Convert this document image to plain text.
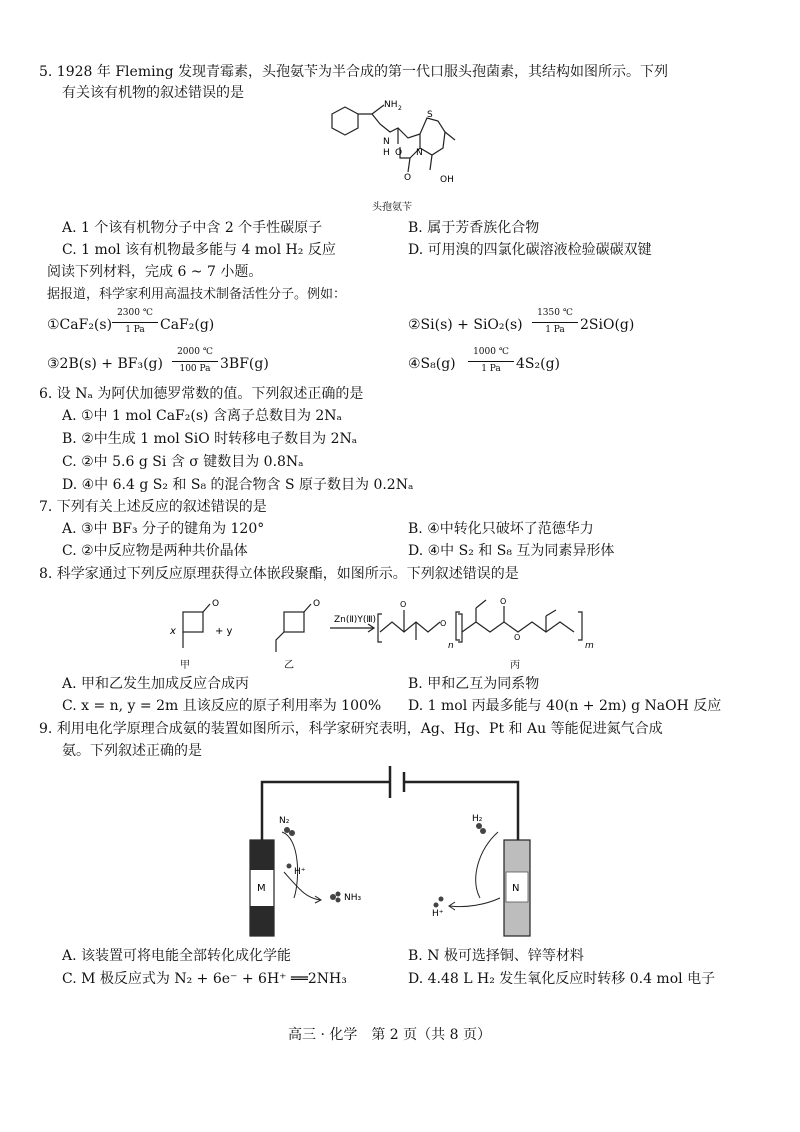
5. 1928 年 Fleming 发现青霉素，头孢氨苄为半合成的第一代口服头孢菌素，其结构如图所示。下列
有关该有机物的叙述错误的是
NH 2
N
H O
S
N
O	OH
头孢氨苄
A. 1 个该有机物分子中含 2 个手性碳原子	B. 属于芳香族化合物
C. 1 mol 该有机物最多能与 4 mol H₂ 反应	D. 可用溴的四氯化碳溶液检验碳碳双键
阅读下列材料，完成 6 ~ 7 小题。
据报道，科学家利用高温技术制备活性分子。例如：
①CaF₂(s)
2300 ℃
1 Pa	CaF₂(g)	②Si(s) + SiO₂(s)
1350 ℃
1 Pa	2SiO(g)
③2B(s) + BF₃(g)
2000 ℃
100 Pa 3BF(g)	④S₈(g)
1000 ℃
1 Pa	4S₂(g)
6. 设 Nₐ 为阿伏加德罗常数的值。下列叙述正确的是
A. ①中 1 mol CaF₂(s) 含离子总数目为 2Nₐ
B. ②中生成 1 mol SiO 时转移电子数目为 2Nₐ
C. ②中 5.6 g Si 含 σ 键数目为 0.8Nₐ
D. ④中 6.4 g S₂ 和 S₈ 的混合物含 S 原子数目为 0.2Nₐ
7. 下列有关上述反应的叙述错误的是
A. ③中 BF₃ 分子的键角为 120°	B. ④中转化只破坏了范德华力
C. ②中反应物是两种共价晶体	D. ④中 S₂ 和 S₈ 互为同素异形体
8. 科学家通过下列反应原理获得立体嵌段聚酯，如图所示。下列叙述错误的是
x	+ y
O	O
Zn(Ⅱ)Y(Ⅲ)
O
O
n
O
O
m
甲	乙	丙
A. 甲和乙发生加成反应合成丙	B. 甲和乙互为同系物
C. x = n, y = 2m 且该反应的原子利用率为 100% D. 1 mol 丙最多能与 40(n + 2m) g NaOH 反应
9. 利用电化学原理合成氨的装置如图所示，科学家研究表明，Ag、Hg、Pt 和 Au 等能促进氮气合成
氨。下列叙述正确的是
N₂
H⁺
NH₃
H₂
H⁺
M	N
A. 该装置可将电能全部转化成化学能	B. N 极可选择铜、锌等材料
C. M 极反应式为 N₂ + 6e⁻ + 6H⁺ ══2NH₃	D. 4.48 L H₂ 发生氧化反应时转移 0.4 mol 电子
高三 · 化学　第 2 页（共 8 页）
